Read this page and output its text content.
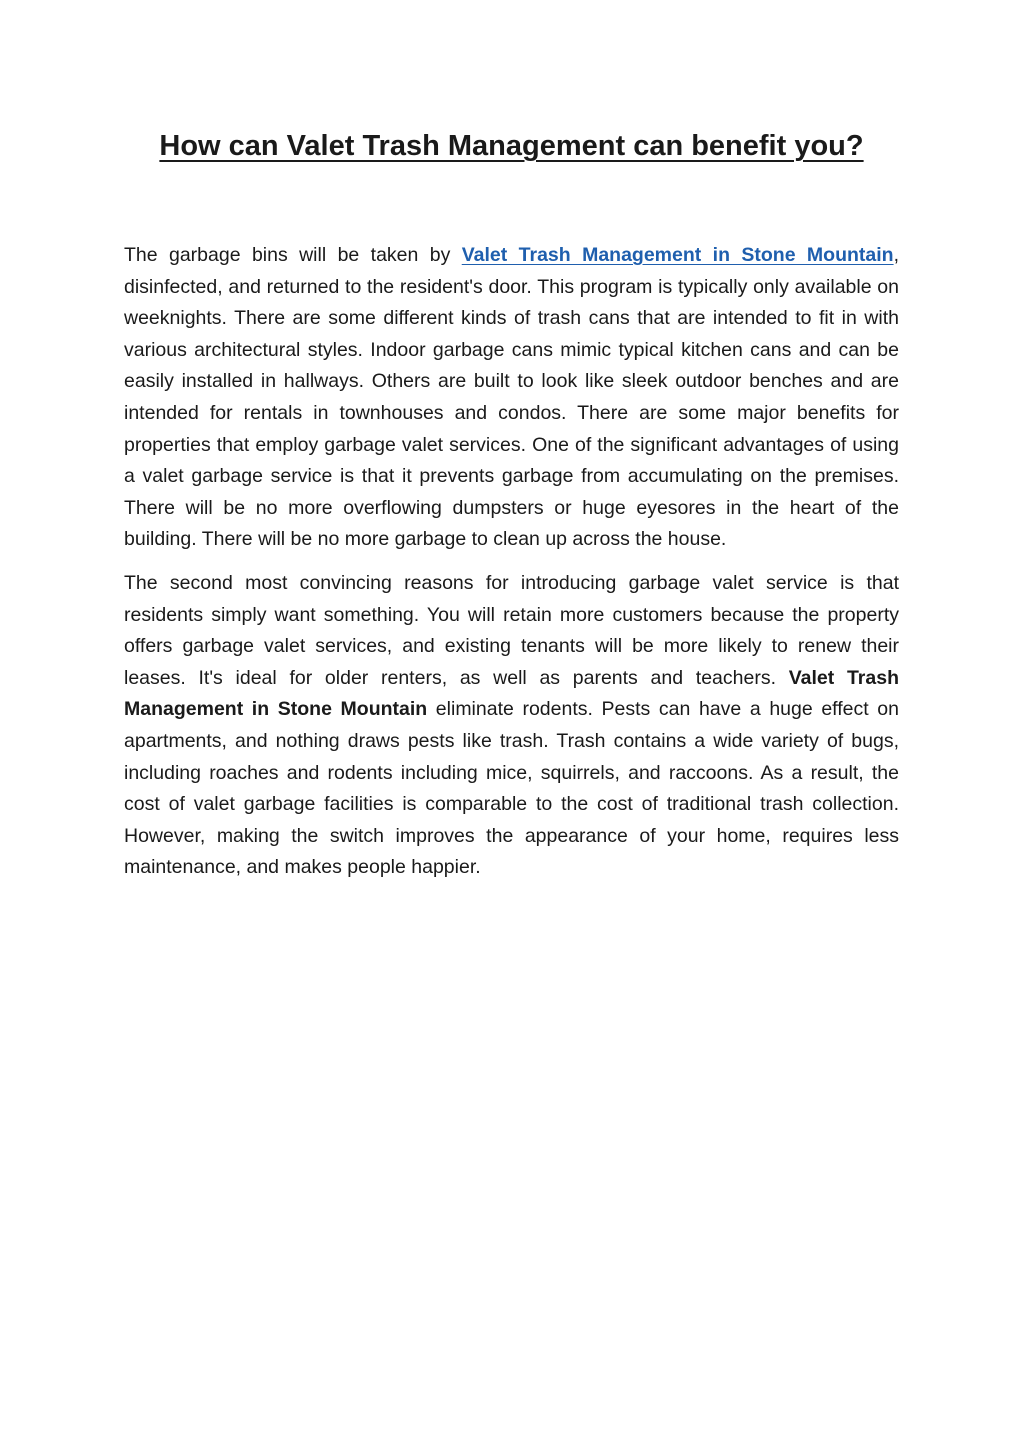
How can Valet Trash Management can benefit you?

The garbage bins will be taken by Valet Trash Management in Stone Mountain, disinfected, and returned to the resident's door. This program is typically only available on weeknights. There are some different kinds of trash cans that are intended to fit in with various architectural styles. Indoor garbage cans mimic typical kitchen cans and can be easily installed in hallways. Others are built to look like sleek outdoor benches and are intended for rentals in townhouses and condos. There are some major benefits for properties that employ garbage valet services. One of the significant advantages of using a valet garbage service is that it prevents garbage from accumulating on the premises. There will be no more overflowing dumpsters or huge eyesores in the heart of the building. There will be no more garbage to clean up across the house.

The second most convincing reasons for introducing garbage valet service is that residents simply want something. You will retain more customers because the property offers garbage valet services, and existing tenants will be more likely to renew their leases. It's ideal for older renters, as well as parents and teachers. Valet Trash Management in Stone Mountain eliminate rodents. Pests can have a huge effect on apartments, and nothing draws pests like trash. Trash contains a wide variety of bugs, including roaches and rodents including mice, squirrels, and raccoons. As a result, the cost of valet garbage facilities is comparable to the cost of traditional trash collection. However, making the switch improves the appearance of your home, requires less maintenance, and makes people happier.
